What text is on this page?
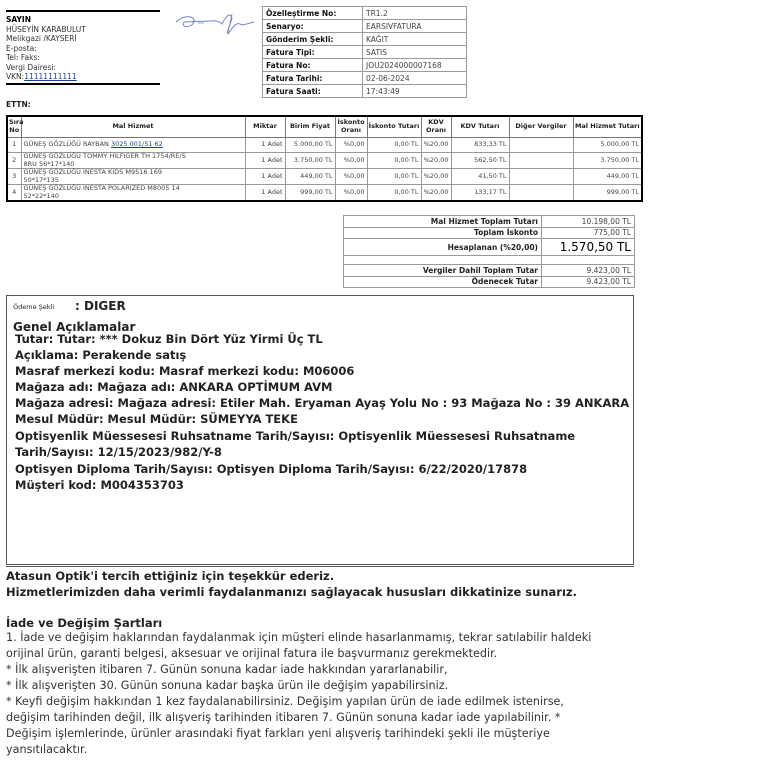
SAYIN
HÜSEYİN KARABULUT
Melikgazi /KAYSERİ
E-posta:
Tel: Faks:
Vergi Dairesi:
VKN:11111111111
Özelleştirme No:	TR1.2
Senaryo:	EARSIVFATURA
Gönderim Şekli:	KAĞIT
Fatura Tipi:	SATIS
Fatura No:	JOU2024000007168
Fatura Tarihi:	02-06-2024
Fatura Saati:	17:43:49
ETTN:
Sıra No	Mal Hizmet	Miktar	Birim Fiyat	İskonto Oranı	İskonto Tutarı	KDV Oranı	KDV Tutarı	Diğer Vergiler	Mal Hizmet Tutarı
1	GÜNEŞ GÖZLÜĞÜ RAYBAN 3025 001/51 62	1 Adet	5.000,00 TL	%0,00	0,00 TL	%20,00	833,33 TL		5.000,00 TL
2	GÜNEŞ GÖZLÜĞÜ TOMMY HILFIGER TH 1754/RE/S
8RU 56*17*140	1 Adet	3.750,00 TL	%0,00	0,00 TL	%20,00	562,50 TL		3.750,00 TL
3	GÜNEŞ GÖZLÜĞÜ INESTA KIDS M9516 169
50*17*135	1 Adet	449,00 TL	%0,00	0,00 TL	%20,00	41,50 TL		449,00 TL
4	GÜNEŞ GÖZLÜĞÜ INESTA POLARIZED M8005 14
52*22*140	1 Adet	999,00 TL	%0,00	0,00 TL	%20,00	133,17 TL		999,00 TL
Mal Hizmet Toplam Tutarı	10.198,00 TL
Toplam İskonto	775,00 TL
Hesaplanan (%20,00)	1.570,50 TL

Vergiler Dahil Toplam Tutar	9.423,00 TL
Ödenecek Tutar	9.423,00 TL
Ödeme Şekli : DIGER
Genel Açıklamalar
Tutar: Tutar: *** Dokuz Bin Dört Yüz Yirmi Üç TL
Açıklama: Perakende satış
Masraf merkezi kodu: Masraf merkezi kodu: M06006
Mağaza adı: Mağaza adı: ANKARA OPTİMUM AVM
Mağaza adresi: Mağaza adresi: Etiler Mah. Eryaman Ayaş Yolu No : 93 Mağaza No : 39 ANKARA
Mesul Müdür: Mesul Müdür: SÜMEYYA TEKE
Optisyenlik Müessesesi Ruhsatname Tarih/Sayısı: Optisyenlik Müessesesi Ruhsatname
Tarih/Sayısı: 12/15/2023/982/Y-8
Optisyen Diploma Tarih/Sayısı: Optisyen Diploma Tarih/Sayısı: 6/22/2020/17878
Müşteri kod: M004353703
Atasun Optik'i tercih ettiğiniz için teşekkür ederiz.
Hizmetlerimizden daha verimli faydalanmanızı sağlayacak hususları dikkatinize sunarız.
İade ve Değişim Şartları
1. İade ve değişim haklarından faydalanmak için müşteri elinde hasarlanmamış, tekrar satılabilir haldeki
orijinal ürün, garanti belgesi, aksesuar ve orijinal fatura ile başvurmanız gerekmektedir.
* İlk alışverişten itibaren 7. Günün sonuna kadar iade hakkından yararlanabilir,
* İlk alışverişten 30. Günün sonuna kadar başka ürün ile değişim yapabilirsiniz.
* Keyfi değişim hakkından 1 kez faydalanabilirsiniz. Değişim yapılan ürün de iade edilmek istenirse,
değişim tarihinden değil, ilk alışveriş tarihinden itibaren 7. Günün sonuna kadar iade yapılabilinir. *
Değişim işlemlerinde, ürünler arasındaki fiyat farkları yeni alışveriş tarihindeki şekli ile müşteriye
yansıtılacaktır.
